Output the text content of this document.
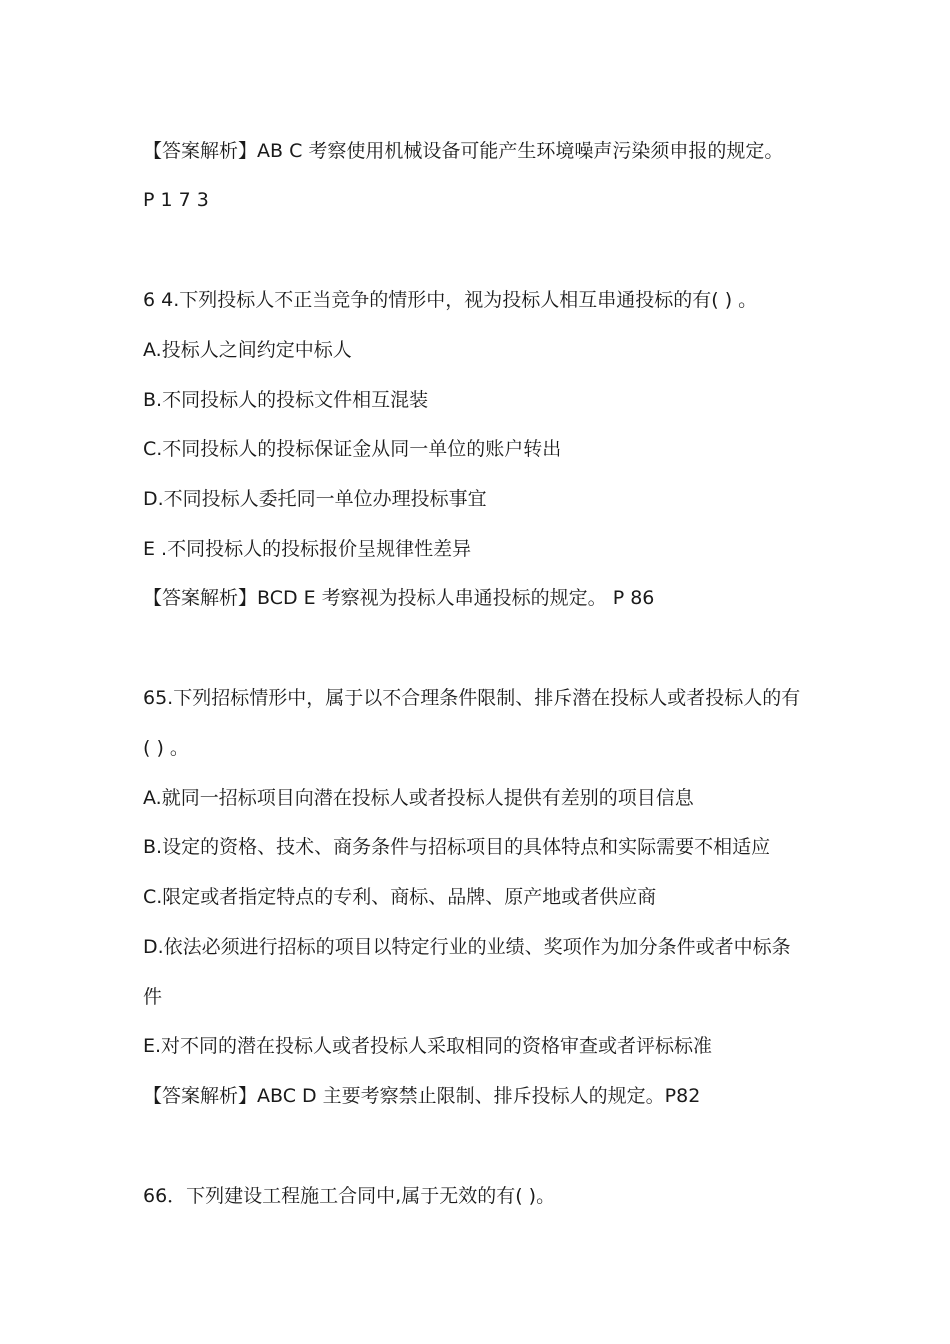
【答案解析】AB C 考察使用机械设备可能产生环境噪声污染须申报的规定。
P 1 7 3
6 4.下列投标人不正当竞争的情形中，视为投标人相互串通投标的有( ) 。
A.投标人之间约定中标人
B.不同投标人的投标文件相互混装
C.不同投标人的投标保证金从同一单位的账户转出
D.不同投标人委托同一单位办理投标事宜
E .不同投标人的投标报价呈规律性差异
【答案解析】BCD E 考察视为投标人串通投标的规定。 P 86
65.下列招标情形中，属于以不合理条件限制、排斥潜在投标人或者投标人的有
( ) 。
A.就同一招标项目向潜在投标人或者投标人提供有差别的项目信息
B.设定的资格、技术、商务条件与招标项目的具体特点和实际需要不相适应
C.限定或者指定特点的专利、商标、品牌、原产地或者供应商
D.依法必须进行招标的项目以特定行业的业绩、奖项作为加分条件或者中标条
件
E.对不同的潜在投标人或者投标人采取相同的资格审查或者评标标准
【答案解析】ABC D 主要考察禁止限制、排斥投标人的规定。P82
66．下列建设工程施工合同中,属于无效的有( )。
